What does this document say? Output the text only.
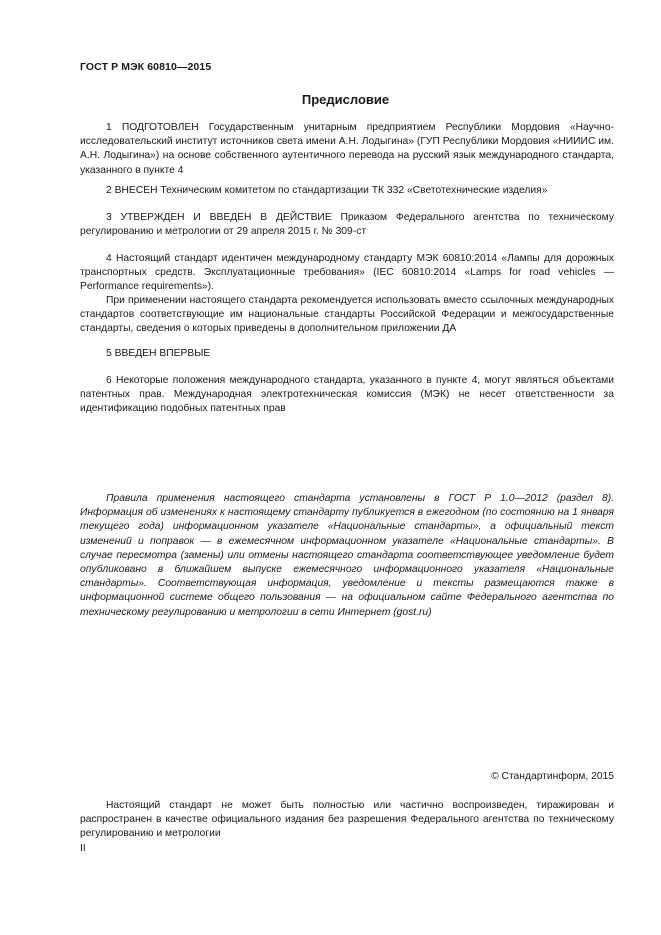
ГОСТ Р МЭК 60810—2015
Предисловие

1 ПОДГОТОВЛЕН Государственным унитарным предприятием Республики Мордовия «Научно-исследовательский институт источников света имени А.Н. Лодыгина» (ГУП Республики Мордовия «НИИИС им. А.Н. Лодыгина») на основе собственного аутентичного перевода на русский язык международного стандарта, указанного в пункте 4

2 ВНЕСЕН Техническим комитетом по стандартизации ТК 332 «Светотехнические изделия»

3 УТВЕРЖДЕН И ВВЕДЕН В ДЕЙСТВИЕ Приказом Федерального агентства по техническому регулированию и метрологии от 29 апреля 2015 г. № 309-ст

4 Настоящий стандарт идентичен международному стандарту МЭК 60810:2014 «Лампы для дорожных транспортных средств. Эксплуатационные требования» (IEC 60810:2014 «Lamps for road vehicles — Performance requirements»).

При применении настоящего стандарта рекомендуется использовать вместо ссылочных международных стандартов соответствующие им национальные стандарты Российской Федерации и межгосударственные стандарты, сведения о которых приведены в дополнительном приложении ДА

5 ВВЕДЕН ВПЕРВЫЕ

6 Некоторые положения международного стандарта, указанного в пункте 4, могут являться объектами патентных прав. Международная электротехническая комиссия (МЭК) не несет ответственности за идентификацию подобных патентных прав

Правила применения настоящего стандарта установлены в ГОСТ Р 1.0—2012 (раздел 8). Информация об изменениях к настоящему стандарту публикуется в ежегодном (по состоянию на 1 января текущего года) информационном указателе «Национальные стандарты», а официальный текст изменений и поправок — в ежемесячном информационном указателе «Национальные стандарты». В случае пересмотра (замены) или отмены настоящего стандарта соответствующее уведомление будет опубликовано в ближайшем выпуске ежемесячного информационного указателя «Национальные стандарты». Соответствующая информация, уведомление и тексты размещаются также в информационной системе общего пользования — на официальном сайте Федерального агентства по техническому регулированию и метрологии в сети Интернет (gost.ru)

© Стандартинформ, 2015

Настоящий стандарт не может быть полностью или частично воспроизведен, тиражирован и распространен в качестве официального издания без разрешения Федерального агентства по техническому регулированию и метрологии

II
